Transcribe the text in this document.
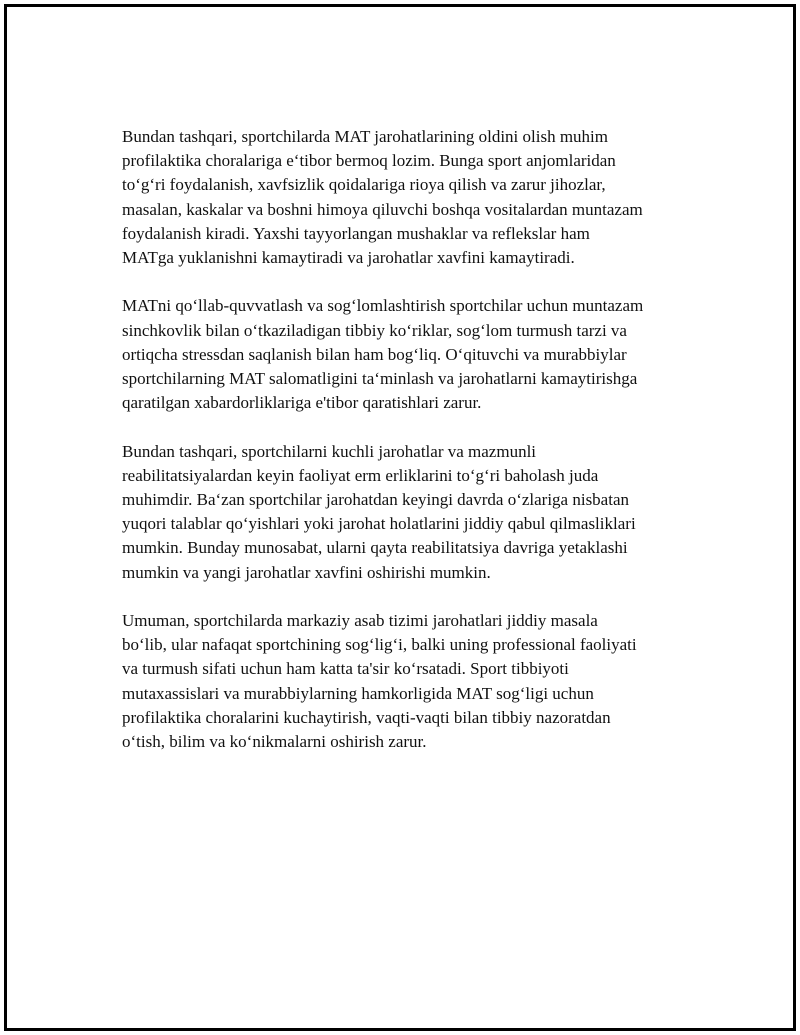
Bundan tashqari, sportchilarda MAT jarohatlarining oldini olish muhim
profilaktika choralariga e‘tibor bermoq lozim. Bunga sport anjomlaridan
to‘g‘ri foydalanish, xavfsizlik qoidalariga rioya qilish va zarur jihozlar,
masalan, kaskalar va boshni himoya qiluvchi boshqa vositalardan muntazam
foydalanish kiradi. Yaxshi tayyorlangan mushaklar va reflekslar ham
MATga yuklanishni kamaytiradi va jarohatlar xavfini kamaytiradi.

MATni qo‘llab-quvvatlash va sog‘lomlashtirish sportchilar uchun muntazam
sinchkovlik bilan o‘tkaziladigan tibbiy ko‘riklar, sog‘lom turmush tarzi va
ortiqcha stressdan saqlanish bilan ham bog‘liq. O‘qituvchi va murabbiylar
sportchilarning MAT salomatligini ta‘minlash va jarohatlarni kamaytirishga
qaratilgan xabardorliklariga e'tibor qaratishlari zarur.

Bundan tashqari, sportchilarni kuchli jarohatlar va mazmunli
reabilitatsiyalardan keyin faoliyat erm erliklarini to‘g‘ri baholash juda
muhimdir. Ba‘zan sportchilar jarohatdan keyingi davrda o‘zlariga nisbatan
yuqori talablar qo‘yishlari yoki jarohat holatlarini jiddiy qabul qilmasliklari
mumkin. Bunday munosabat, ularni qayta reabilitatsiya davriga yetaklashi
mumkin va yangi jarohatlar xavfini oshirishi mumkin.

Umuman, sportchilarda markaziy asab tizimi jarohatlari jiddiy masala
bo‘lib, ular nafaqat sportchining sog‘lig‘i, balki uning professional faoliyati
va turmush sifati uchun ham katta ta'sir ko‘rsatadi. Sport tibbiyoti
mutaxassislari va murabbiylarning hamkorligida MAT sog‘ligi uchun
profilaktika choralarini kuchaytirish, vaqti-vaqti bilan tibbiy nazoratdan
o‘tish, bilim va ko‘nikmalarni oshirish zarur.
